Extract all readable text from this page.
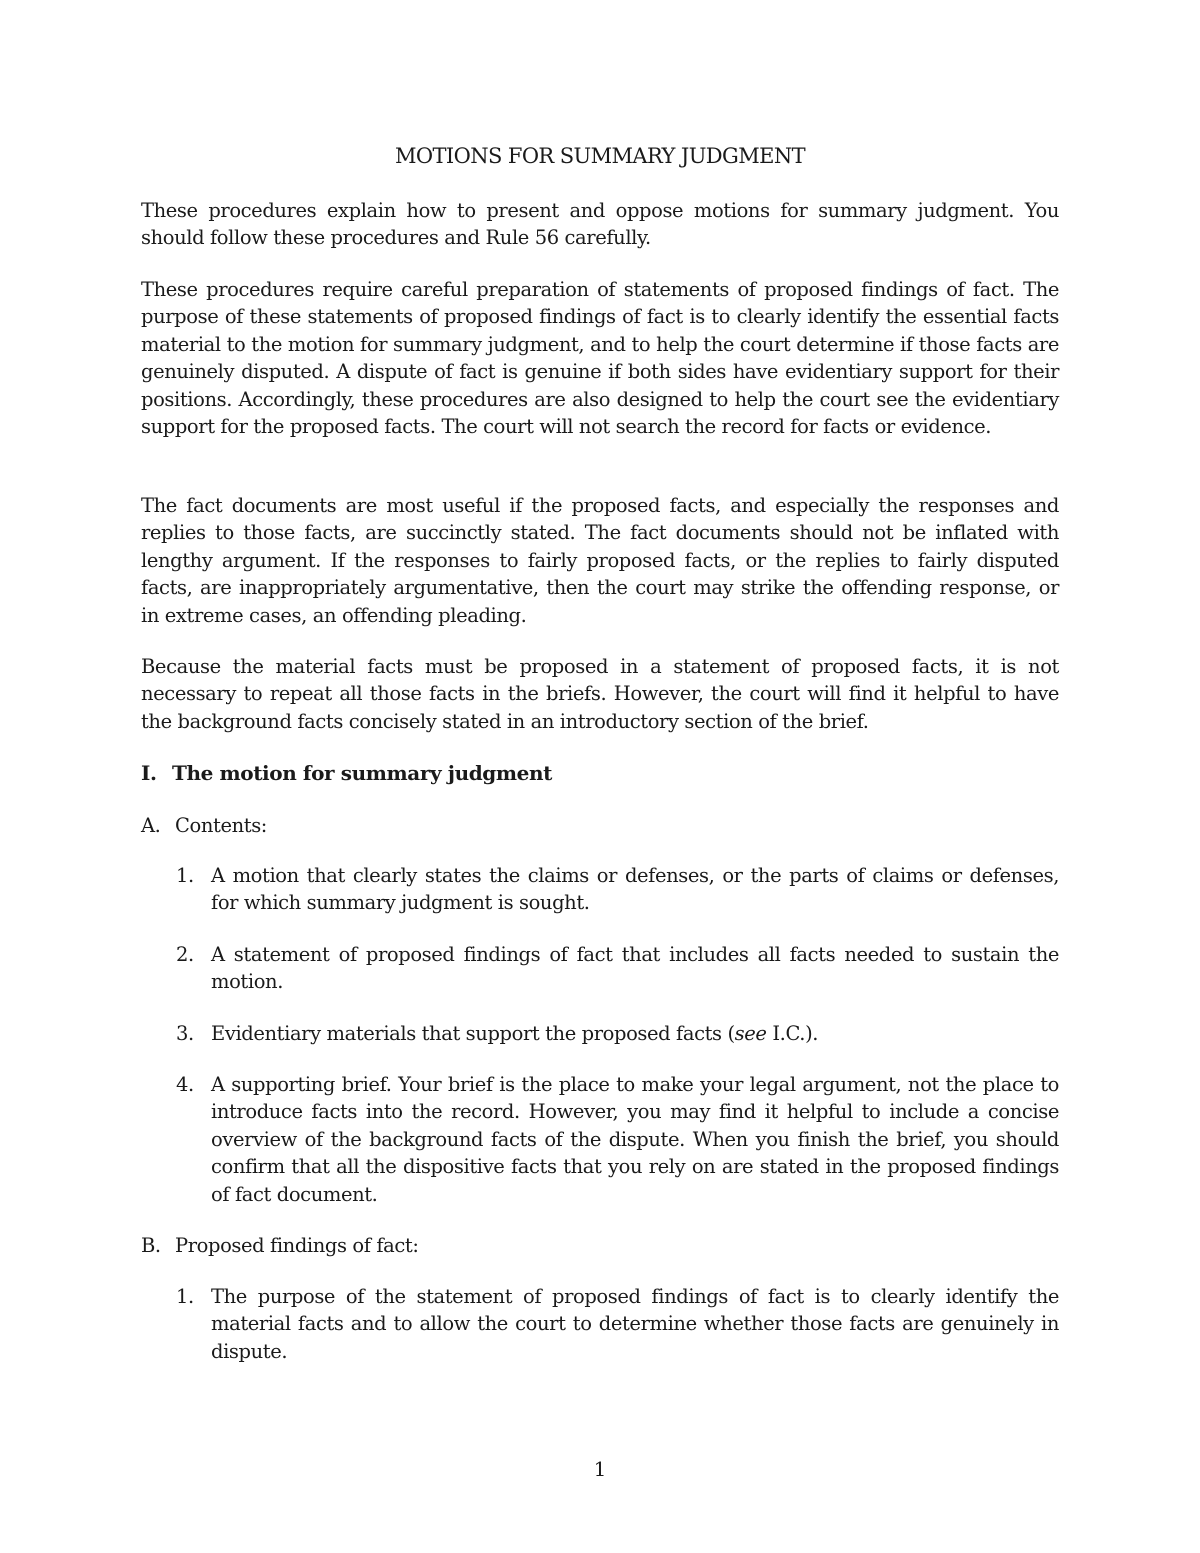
MOTIONS FOR SUMMARY JUDGMENT

These procedures explain how to present and oppose motions for summary judgment. You should follow these procedures and Rule 56 carefully.

These procedures require careful preparation of statements of proposed findings of fact. The purpose of these statements of proposed findings of fact is to clearly identify the essential facts material to the motion for summary judgment, and to help the court determine if those facts are genuinely disputed. A dispute of fact is genuine if both sides have evidentiary support for their positions. Accordingly, these procedures are also designed to help the court see the evidentiary support for the proposed facts. The court will not search the record for facts or evidence.

The fact documents are most useful if the proposed facts, and especially the responses and replies to those facts, are succinctly stated. The fact documents should not be inflated with lengthy argument. If the responses to fairly proposed facts, or the replies to fairly disputed facts, are inappropriately argumentative, then the court may strike the offending response, or in extreme cases, an offending pleading.

Because the material facts must be proposed in a statement of proposed facts, it is not necessary to repeat all those facts in the briefs. However, the court will find it helpful to have the background facts concisely stated in an introductory section of the brief.

I. The motion for summary judgment
A. Contents:
1. A motion that clearly states the claims or defenses, or the parts of claims or defenses, for which summary judgment is sought.
2. A statement of proposed findings of fact that includes all facts needed to sustain the motion.
3. Evidentiary materials that support the proposed facts (see I.C.).
4. A supporting brief. Your brief is the place to make your legal argument, not the place to introduce facts into the record. However, you may find it helpful to include a concise overview of the background facts of the dispute. When you finish the brief, you should confirm that all the dispositive facts that you rely on are stated in the proposed findings of fact document.
B. Proposed findings of fact:
1. The purpose of the statement of proposed findings of fact is to clearly identify the material facts and to allow the court to determine whether those facts are genuinely in dispute.
1
